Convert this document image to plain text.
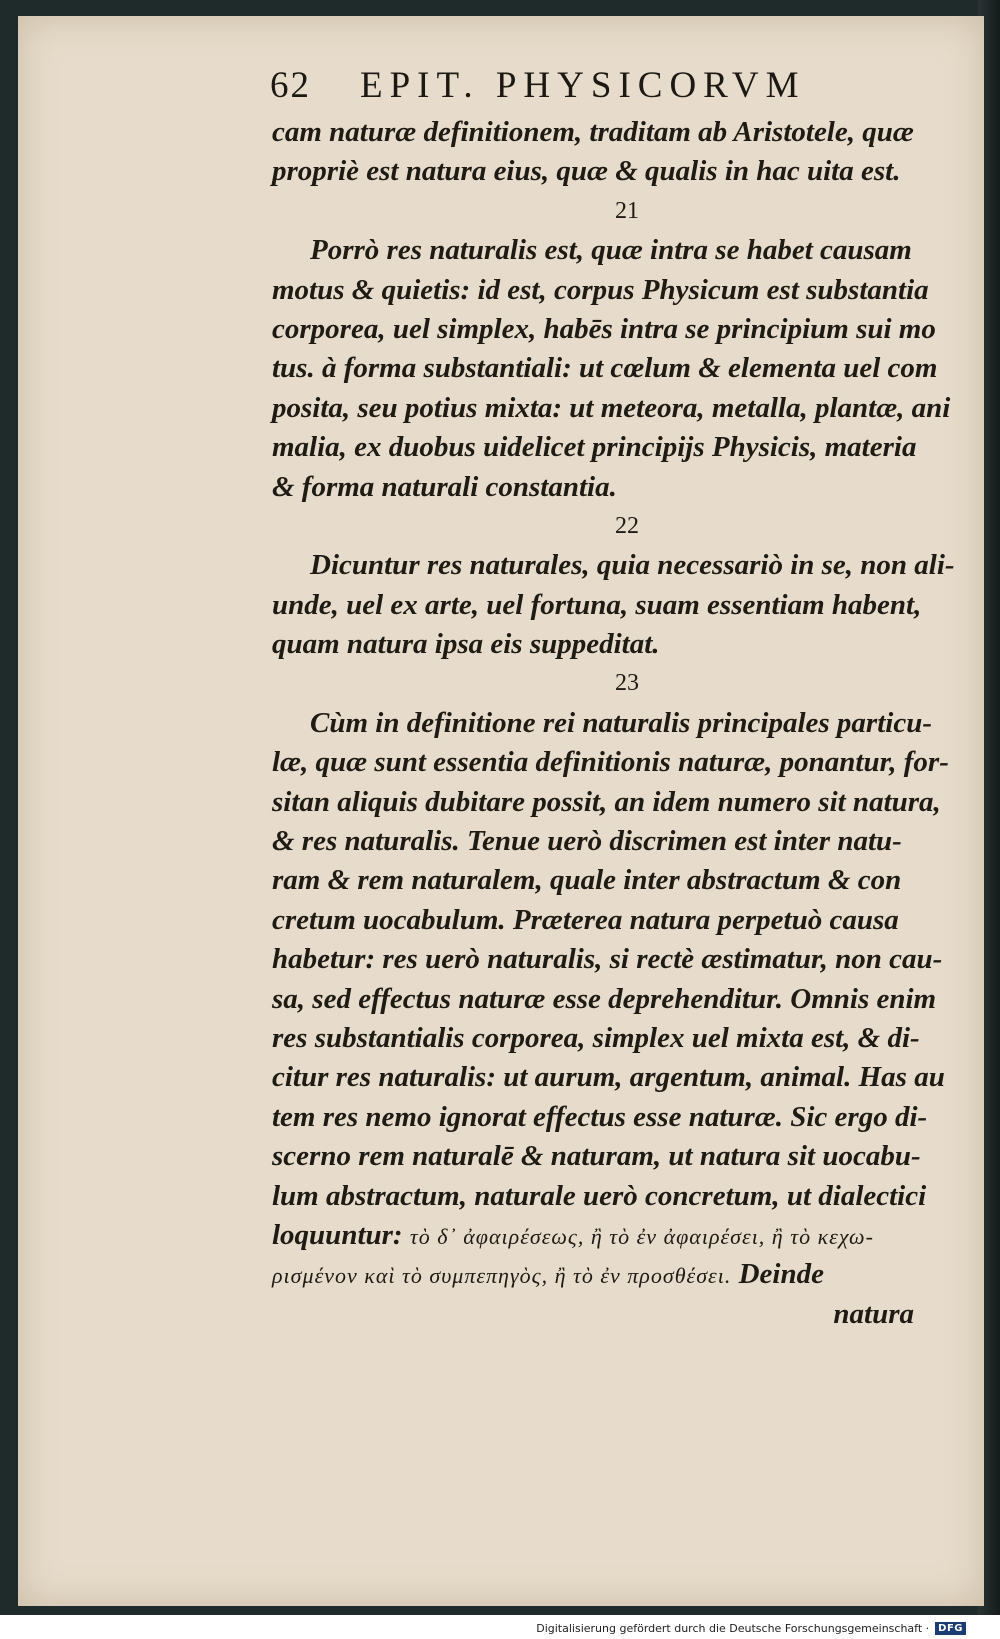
62 EPIT. PHYSICORVM
cam naturæ definitionem, traditam ab Aristotele, quæ
propriè est natura eius, quæ & qualis in hac uita est.
21
Porrò res naturalis est, quæ intra se habet causam
motus & quietis: id est, corpus Physicum est substantia
corporea, uel simplex, habēs intra se principium sui mo
tus. à forma substantiali: ut cœlum & elementa uel com
posita, seu potius mixta: ut meteora, metalla, plantæ, ani
malia, ex duobus uidelicet principijs Physicis, materia
& forma naturali constantia.
22
Dicuntur res naturales, quia necessariò in se, non ali-
unde, uel ex arte, uel fortuna, suam essentiam habent,
quam natura ipsa eis suppeditat.
23
Cùm in definitione rei naturalis principales particu-
læ, quæ sunt essentia definitionis naturæ, ponantur, for-
sitan aliquis dubitare possit, an idem numero sit natura,
& res naturalis. Tenue uerò discrimen est inter natu-
ram & rem naturalem, quale inter abstractum & con
cretum uocabulum. Præterea natura perpetuò causa
habetur: res uerò naturalis, si rectè æstimatur, non cau-
sa, sed effectus naturæ esse deprehenditur. Omnis enim
res substantialis corporea, simplex uel mixta est, & di-
citur res naturalis: ut aurum, argentum, animal. Has au
tem res nemo ignorat effectus esse naturæ. Sic ergo di-
scerno rem naturalē & naturam, ut natura sit uocabu-
lum abstractum, naturale uerò concretum, ut dialectici
loquuntur: τὸ δ᾽ ἀφαιρέσεως, ἢ τὸ ἐν ἀφαιρέσει, ἢ τὸ κεχω-
ρισμένον καὶ τὸ συμπεπηγὸς, ἢ τὸ ἐν προσθέσει. Deinde
natura
Digitalisierung gefördert durch die Deutsche Forschungsgemeinschaft · DFG
